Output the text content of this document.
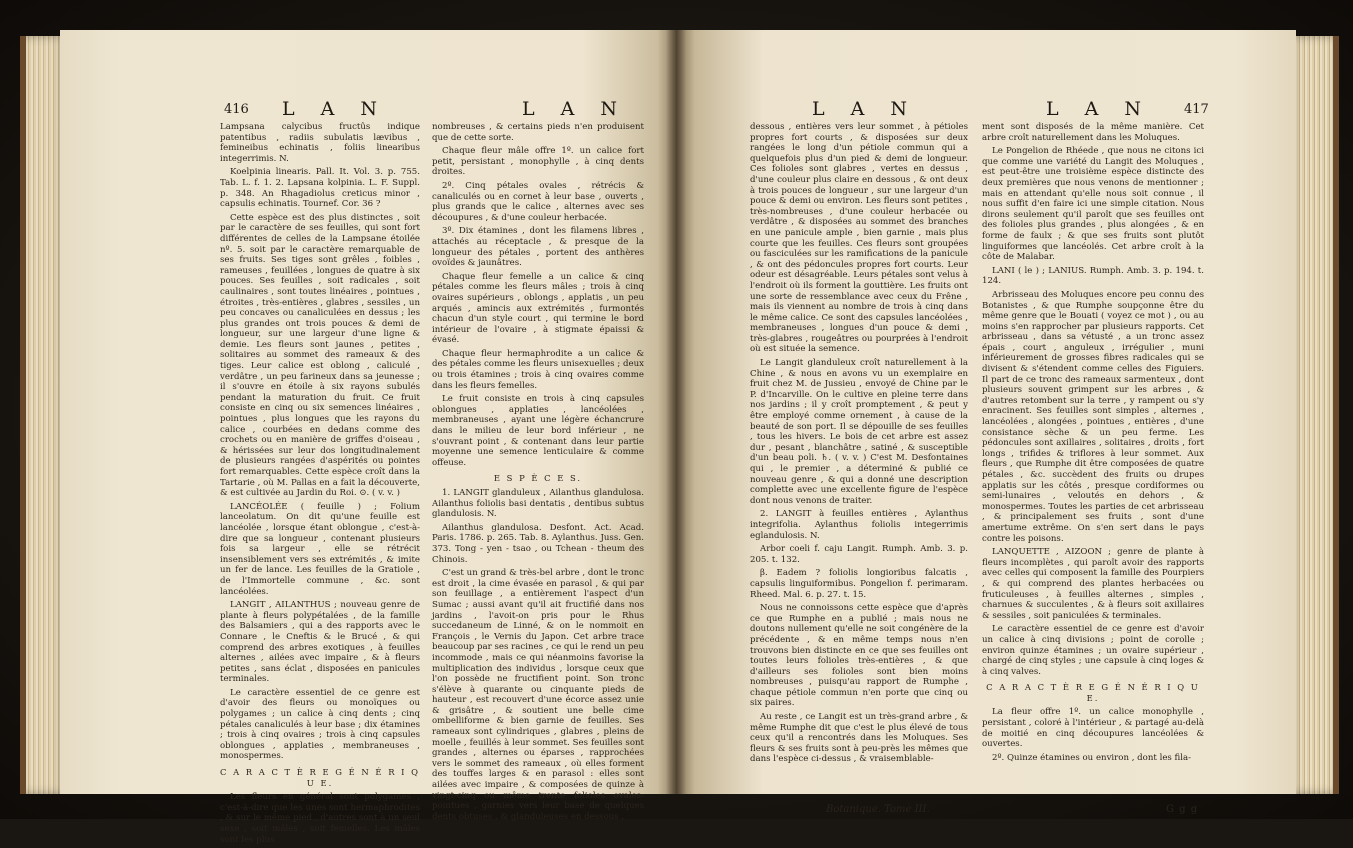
416 L A N	L A N

Lampsana calycibus fructûs indique patentibus , radiis subulatis lævibus , femineibus echinatis , foliis linearibus integerrimis. N.

Koelpinia linearis. Pall. It. Vol. 3. p. 755. Tab. L. f. 1. 2. Lapsana kolpinia. L. F. Suppl. p. 348. An Rhagadiolus creticus minor , capsulis echinatis. Tournef. Cor. 36 ?

Cette espèce est des plus distinctes , soit par le caractère de ses feuilles, qui sont fort différentes de celles de la Lampsane étoilée nº. 5. soit par le caractère remarquable de ses fruits. Ses tiges sont grêles , foibles , rameuses , feuillées , longues de quatre à six pouces. Ses feuilles , soit radicales , soit caulinaires , sont toutes linéaires , pointues , étroites , très-entières , glabres , sessiles , un peu concaves ou canaliculées en dessus ; les plus grandes ont trois pouces & demi de longueur, sur une largeur d'une ligne & demie. Les fleurs sont jaunes , petites , solitaires au sommet des rameaux & des tiges. Leur calice est oblong , caliculé , verdâtre , un peu farineux dans sa jeunesse ; il s'ouvre en étoile à six rayons subulés pendant la maturation du fruit. Ce fruit consiste en cinq ou six semences linéaires , pointues , plus longues que les rayons du calice , courbées en dedans comme des crochets ou en manière de griffes d'oiseau , & hérissées sur leur dos longitudinalement de plusieurs rangées d'aspérités ou pointes fort remarquables. Cette espèce croît dans la Tartarie , où M. Pallas en a fait la découverte, & est cultivée au Jardin du Roi. ⊙. ( v. v. )

LANCÉOLÉE ( feuille ) ; Folium lanceolatum. On dit qu'une feuille est lancéolée , lorsque étant oblongue , c'est-à-dire que sa longueur , contenant plusieurs fois sa largeur , elle se rétrécit insensiblement vers ses extrémités , & imite un fer de lance. Les feuilles de la Gratiole , de l'Immortelle commune , &c. sont lancéolées.

LANGIT , AILANTHUS ; nouveau genre de plante à fleurs polypétalées , de la famille des Balsamiers , qui a des rapports avec le Connare , le Cneftis & le Brucé , & qui comprend des arbres exotiques , à feuilles alternes , ailées avec impaire , & à fleurs petites , sans éclat , disposées en panicules terminales.

Le caractère essentiel de ce genre est d'avoir des fleurs ou monoïques ou polygames ; un calice à cinq dents ; cinq pétales canaliculés à leur base ; dix étamines ; trois à cinq ovaires ; trois à cinq capsules oblongues , applaties , membraneuses , monospermes.

C A R A C T È R E G É N É R I Q U E.

Les fleurs en général sont polygames , c'est-à-dire que les unes sont hermaphrodites , & sur le même pied , d'autres sont à un seul sexe , soit mâles , soit femelles. Les mâles sont les plus

nombreuses , & certains pieds n'en produisent que de cette sorte.

Chaque fleur mâle offre 1º. un calice fort petit, persistant , monophylle , à cinq dents droites.

2º. Cinq pétales ovales , rétrécis & canaliculés ou en cornet à leur base , ouverts , plus grands que le calice , alternes avec ses découpures , & d'une couleur herbacée.

3º. Dix étamines , dont les filamens libres , attachés au réceptacle , & presque de la longueur des pétales , portent des anthères ovoïdes & jaunâtres.

Chaque fleur femelle a un calice & cinq pétales comme les fleurs mâles ; trois à cinq ovaires supérieurs , oblongs , applatis , un peu arqués , amincis aux extrémités , furmontés chacun d'un style court , qui termine le bord intérieur de l'ovaire , à stigmate épaissi & évasé.

Chaque fleur hermaphrodite a un calice & des pétales comme les fleurs unisexuelles ; deux ou trois étamines ; trois à cinq ovaires comme dans les fleurs femelles.

Le fruit consiste en trois à cinq capsules oblongues , applaties , lancéolées , membraneuses , ayant une légère échancrure dans le milieu de leur bord inférieur , ne s'ouvrant point , & contenant dans leur partie moyenne une semence lenticulaire & comme offeuse.

E S P È C E S.

1. LANGIT glanduleux , Ailanthus glandulosa. Ailanthus foliolis basi dentatis , dentibus subtus glandulosis. N.

Ailanthus glandulosa. Desfont. Act. Acad. Paris. 1786. p. 265. Tab. 8. Aylanthus. Juss. Gen. 373. Tong - yen - tsao , ou Tchean - theum des Chinois.

C'est un grand & très-bel arbre , dont le tronc est droit , la cime évasée en parasol , & qui par son feuillage , a entièrement l'aspect d'un Sumac ; aussi avant qu'il ait fructifié dans nos jardins , l'avoit-on pris pour le Rhus succedaneum de Linné, & on le nommoit en François , le Vernis du Japon. Cet arbre trace beaucoup par ses racines , ce qui le rend un peu incommode , mais ce qui néanmoins favorise la multiplication des individus , lorsque ceux que l'on possède ne fructifient point. Son tronc s'élève à quarante ou cinquante pieds de hauteur , est recouvert d'une écorce assez unie & grisâtre , & soutient une belle cime ombelliforme & bien garnie de feuilles. Ses rameaux sont cylindriques , glabres , pleins de moelle , feuillés à leur sommet. Ses feuilles sont grandes , alternes ou éparses , rapprochées vers le sommet des rameaux , où elles forment des touffes larges & en parasol : elles sont ailées avec impaire , & composées de quinze à vingt-cinq ou même trente folioles ovales-pointues , garnies vers leur base de quelques dents obtuses , & glanduleuses en dessous ,

L A N	L A N	417

dessous , entières vers leur sommet , à pétioles propres fort courts , & disposées sur deux rangées le long d'un pétiole commun qui a quelquefois plus d'un pied & demi de longueur. Ces folioles sont glabres , vertes en dessus , d'une couleur plus claire en dessous , & ont deux à trois pouces de longueur , sur une largeur d'un pouce & demi ou environ. Les fleurs sont petites , très-nombreuses , d'une couleur herbacée ou verdâtre , & disposées au sommet des branches en une panicule ample , bien garnie , mais plus courte que les feuilles. Ces fleurs sont groupées ou fasciculées sur les ramifications de la panicule , & ont des pédoncules propres fort courts. Leur odeur est désagréable. Leurs pétales sont velus à l'endroit où ils forment la gouttière. Les fruits ont une sorte de ressemblance avec ceux du Frêne , mais ils viennent au nombre de trois à cinq dans le même calice. Ce sont des capsules lancéolées , membraneuses , longues d'un pouce & demi , très-glabres , rougeâtres ou pourprées à l'endroit où est située la semence.

Le Langit glanduleux croît naturellement à la Chine , & nous en avons vu un exemplaire en fruit chez M. de Jussieu , envoyé de Chine par le P. d'Incarville. On le cultive en pleine terre dans nos jardins ; il y croît promptement , & peut y être employé comme ornement , à cause de la beauté de son port. Il se dépouille de ses feuilles , tous les hivers. Le bois de cet arbre est assez dur , pesant , blanchâtre , satiné , & susceptible d'un beau poli. ♄. ( v. v. ) C'est M. Desfontaines qui , le premier , a déterminé & publié ce nouveau genre , & qui a donné une description complette avec une excellente figure de l'espèce dont nous venons de traiter.

2. LANGIT à feuilles entières , Aylanthus integrifolia. Aylanthus foliolis integerrimis eglandulosis. N.

Arbor coeli f. caju Langit. Rumph. Amb. 3. p. 205. t. 132.

β. Eadem ? foliolis longioribus falcatis , capsulis linguiformibus. Pongelion f. perimaram. Rheed. Mal. 6. p. 27. t. 15.

Nous ne connoissons cette espèce que d'après ce que Rumphe en a publié ; mais nous ne doutons nullement qu'elle ne soit congénère de la précédente , & en même temps nous n'en trouvons bien distincte en ce que ses feuilles ont toutes leurs folioles très-entières , & que d'ailleurs ses folioles sont bien moins nombreuses , puisqu'au rapport de Rumphe , chaque pétiole commun n'en porte que cinq ou six paires.

Au reste , ce Langit est un très-grand arbre , & même Rumphe dit que c'est le plus élevé de tous ceux qu'il a rencontrés dans les Moluques. Ses fleurs & ses fruits sont à peu-près les mêmes que dans l'espèce ci-dessus , & vraisemblable-

ment sont disposés de la même manière. Cet arbre croît naturellement dans les Moluques.

Le Pongelion de Rhéede , que nous ne citons ici que comme une variété du Langit des Moluques , est peut-être une troisième espèce distincte des deux premières que nous venons de mentionner ; mais en attendant qu'elle nous soit connue , il nous suffit d'en faire ici une simple citation. Nous dirons seulement qu'il paroît que ses feuilles ont des folioles plus grandes , plus alongées , & en forme de faulx ; & que ses fruits sont plutôt linguiformes que lancéolés. Cet arbre croît à la côte de Malabar.

LANI ( le ) ; LANIUS. Rumph. Amb. 3. p. 194. t. 124.

Arbrisseau des Moluques encore peu connu des Botanistes , & que Rumphe soupçonne être du même genre que le Bouati ( voyez ce mot ) , ou au moins s'en rapprocher par plusieurs rapports. Cet arbrisseau , dans sa vétusté , a un tronc assez épais , court , anguleux , irrégulier , muni inférieurement de grosses fibres radicales qui se divisent & s'étendent comme celles des Figuiers. Il part de ce tronc des rameaux sarmenteux , dont plusieurs souvent grimpent sur les arbres , & d'autres retombent sur la terre , y rampent ou s'y enracinent. Ses feuilles sont simples , alternes , lancéolées , alongées , pointues , entières , d'une consistance sèche & un peu ferme. Les pédoncules sont axillaires , solitaires , droits , fort longs , trifides & triflores à leur sommet. Aux fleurs , que Rumphe dit être composées de quatre pétales , &c. succèdent des fruits ou drupes applatis sur les côtés , presque cordiformes ou semi-lunaires , veloutés en dehors , & monospermes. Toutes les parties de cet arbrisseau , & principalement ses fruits , sont d'une amertume extrême. On s'en sert dans le pays contre les poisons.

LANQUETTE , AIZOON ; genre de plante à fleurs incomplètes , qui paroît avoir des rapports avec celles qui composent la famille des Pourpiers , & qui comprend des plantes herbacées ou fruticuleuses , à feuilles alternes , simples , charnues & succulentes , & à fleurs soit axillaires & sessiles , soit paniculées & terminales.

Le caractère essentiel de ce genre est d'avoir un calice à cinq divisions ; point de corolle ; environ quinze étamines ; un ovaire supérieur , chargé de cinq styles ; une capsule à cinq loges & à cinq valves.

C A R A C T È R E G É N É R I Q U E.

La fleur offre 1º. un calice monophylle , persistant , coloré à l'intérieur , & partagé au-delà de moitié en cinq découpures lancéolées & ouvertes.

2º. Quinze étamines ou environ , dont les fila-

Botanique. Tome III.	G g g
